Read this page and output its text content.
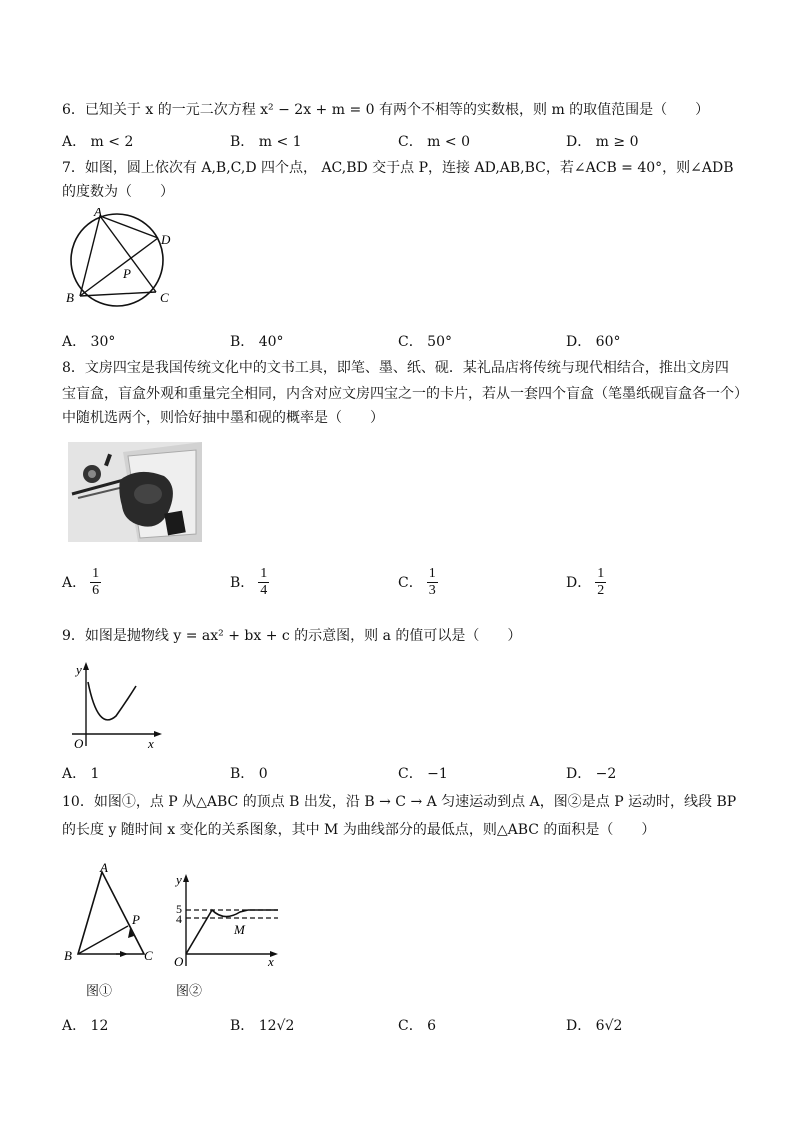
6．已知关于 x 的一元二次方程 x² − 2x + m = 0 有两个不相等的实数根，则 m 的取值范围是（　　）
A． m < 2	B． m < 1	C． m < 0	D． m ≥ 0
7．如图，圆上依次有 A,B,C,D 四个点， AC,BD 交于点 P，连接 AD,AB,BC，若∠ACB = 40°，则∠ADB
的度数为（　　）
A
D
B	C
P
A． 30°	B． 40°	C． 50°	D． 60°
8．文房四宝是我国传统文化中的文书工具，即笔、墨、纸、砚．某礼品店将传统与现代相结合，推出文房四
宝盲盒，盲盒外观和重量完全相同，内含对应文房四宝之一的卡片，若从一套四个盲盒（笔墨纸砚盲盒各一个）
中随机选两个，则恰好抽中墨和砚的概率是（　　）
A． $\frac{1}{6}$	B． $\frac{1}{4}$	C． $\frac{1}{3}$	D． $\frac{1}{2}$
9．如图是抛物线 y = ax² + bx + c 的示意图，则 a 的值可以是（　　）
y
x
O
A． 1	B． 0	C． −1	D． −2
10．如图①，点 P 从△ABC 的顶点 B 出发，沿 B → C → A 匀速运动到点 A，图②是点 P 运动时，线段 BP
的长度 y 随时间 x 变化的关系图象，其中 M 为曲线部分的最低点，则△ABC 的面积是（　　）
A
B	C
P
y
x
O
5
4
M
图①	图②
A． 12	B． 12√2	C． 6	D． 6√2
